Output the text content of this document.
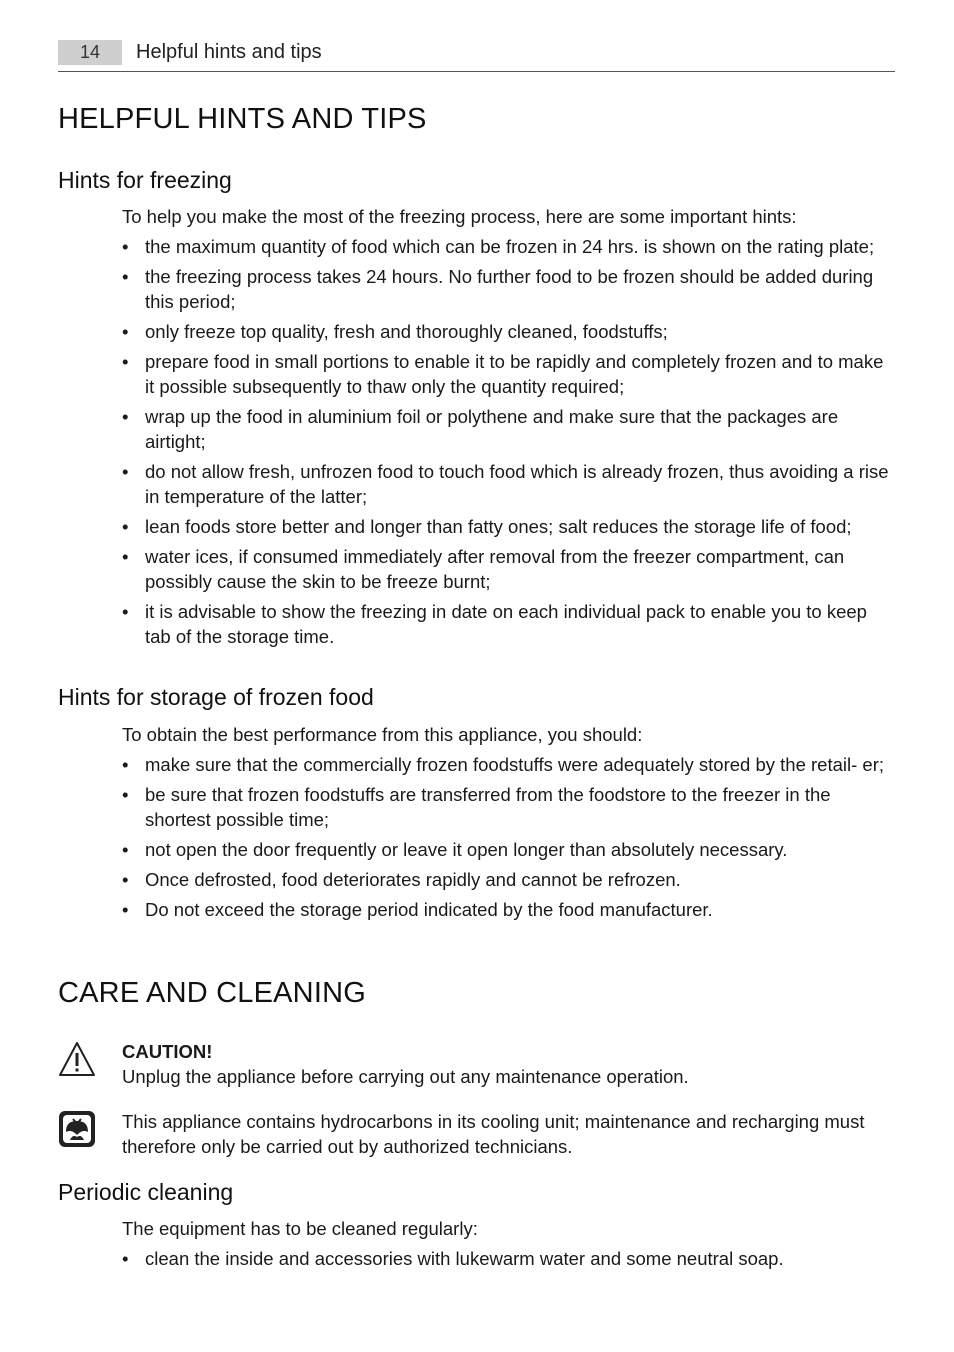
14	Helpful hints and tips
HELPFUL HINTS AND TIPS
Hints for freezing

To help you make the most of the freezing process, here are some important hints:

• the maximum quantity of food which can be frozen in 24 hrs. is shown on the rating plate;
• the freezing process takes 24 hours. No further food to be frozen should be added during this period;
• only freeze top quality, fresh and thoroughly cleaned, foodstuffs;
• prepare food in small portions to enable it to be rapidly and completely frozen and to make it possible subsequently to thaw only the quantity required;
• wrap up the food in aluminium foil or polythene and make sure that the packages are airtight;
• do not allow fresh, unfrozen food to touch food which is already frozen, thus avoiding a rise in temperature of the latter;
• lean foods store better and longer than fatty ones; salt reduces the storage life of food;
• water ices, if consumed immediately after removal from the freezer compartment, can possibly cause the skin to be freeze burnt;
• it is advisable to show the freezing in date on each individual pack to enable you to keep tab of the storage time.
Hints for storage of frozen food

To obtain the best performance from this appliance, you should:

• make sure that the commercially frozen foodstuffs were adequately stored by the retail- er;
• be sure that frozen foodstuffs are transferred from the foodstore to the freezer in the shortest possible time;
• not open the door frequently or leave it open longer than absolutely necessary.
• Once defrosted, food deteriorates rapidly and cannot be refrozen.
• Do not exceed the storage period indicated by the food manufacturer.
CARE AND CLEANING
CAUTION!

Unplug the appliance before carrying out any maintenance operation.

This appliance contains hydrocarbons in its cooling unit; maintenance and recharging must therefore only be carried out by authorized technicians.

Periodic cleaning

The equipment has to be cleaned regularly:

• clean the inside and accessories with lukewarm water and some neutral soap.
